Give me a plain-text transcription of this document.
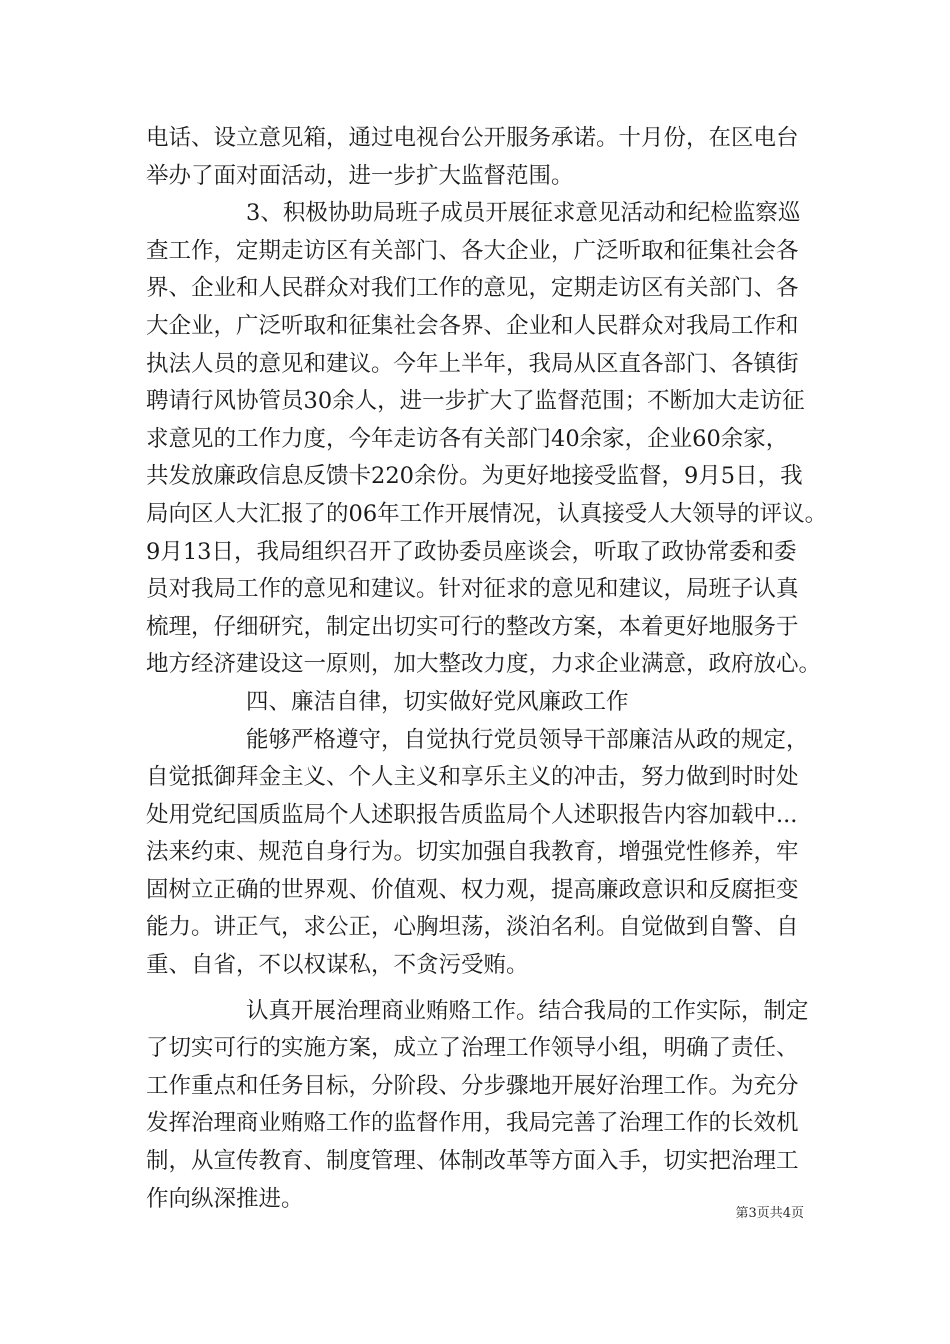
电话、设立意见箱，通过电视台公开服务承诺。十月份，在区电台
举办了面对面活动，进一步扩大监督范围。
3、积极协助局班子成员开展征求意见活动和纪检监察巡
查工作，定期走访区有关部门、各大企业，广泛听取和征集社会各
界、企业和人民群众对我们工作的意见，定期走访区有关部门、各
大企业，广泛听取和征集社会各界、企业和人民群众对我局工作和
执法人员的意见和建议。今年上半年，我局从区直各部门、各镇街
聘请行风协管员30余人，进一步扩大了监督范围；不断加大走访征
求意见的工作力度，今年走访各有关部门40余家，企业60余家，
共发放廉政信息反馈卡220余份。为更好地接受监督，9月5日，我
局向区人大汇报了的06年工作开展情况，认真接受人大领导的评议。
9月13日，我局组织召开了政协委员座谈会，听取了政协常委和委
员对我局工作的意见和建议。针对征求的意见和建议，局班子认真
梳理，仔细研究，制定出切实可行的整改方案，本着更好地服务于
地方经济建设这一原则，加大整改力度，力求企业满意，政府放心。
四、廉洁自律，切实做好党风廉政工作
能够严格遵守，自觉执行党员领导干部廉洁从政的规定，
自觉抵御拜金主义、个人主义和享乐主义的冲击，努力做到时时处
处用党纪国质监局个人述职报告质监局个人述职报告内容加载中...
法来约束、规范自身行为。切实加强自我教育，增强党性修养，牢
固树立正确的世界观、价值观、权力观，提高廉政意识和反腐拒变
能力。讲正气，求公正，心胸坦荡，淡泊名利。自觉做到自警、自
重、自省，不以权谋私，不贪污受贿。
认真开展治理商业贿赂工作。结合我局的工作实际，制定
了切实可行的实施方案，成立了治理工作领导小组，明确了责任、
工作重点和任务目标，分阶段、分步骤地开展好治理工作。为充分
发挥治理商业贿赂工作的监督作用，我局完善了治理工作的长效机
制，从宣传教育、制度管理、体制改革等方面入手，切实把治理工
作向纵深推进。
第3页共4页
